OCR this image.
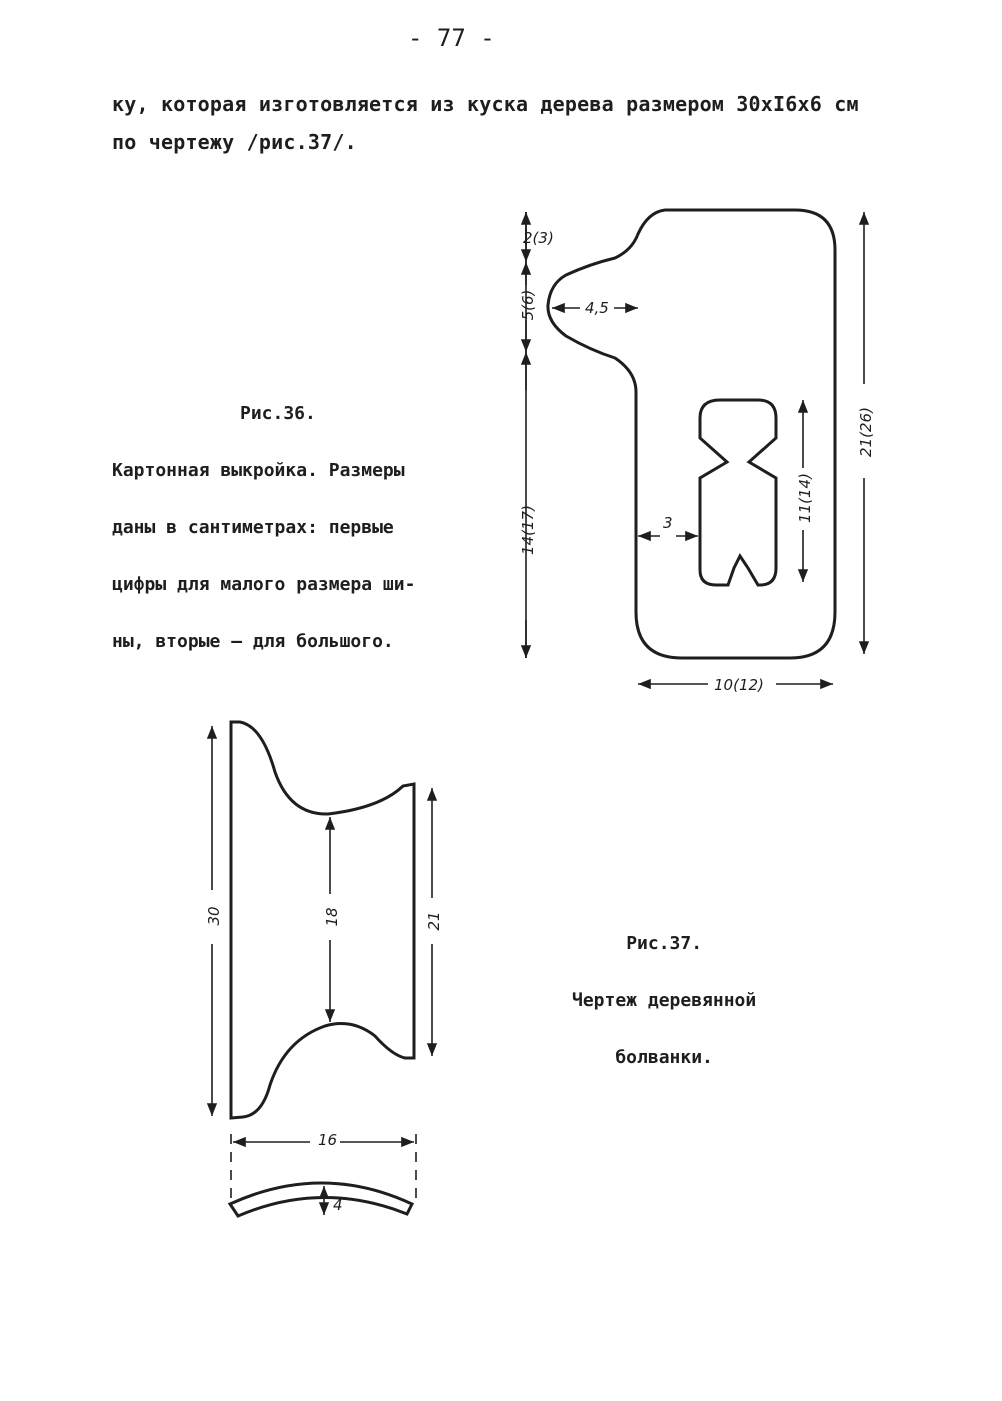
- 77 -
ку, которая изготовляется из куска дерева размером 30хI6х6 см
по чертежу /рис.37/.

Рис.36.

Картонная выкройка. Размеры

даны в сантиметрах: первые

цифры для малого размера ши-

ны, вторые – для большого.

Рис.37.

Чертеж деревянной

болванки.

2(3)
5(6)
14(17)
4,5
3
11(14)
21(26)
10(12)
30	18	21
16
4
